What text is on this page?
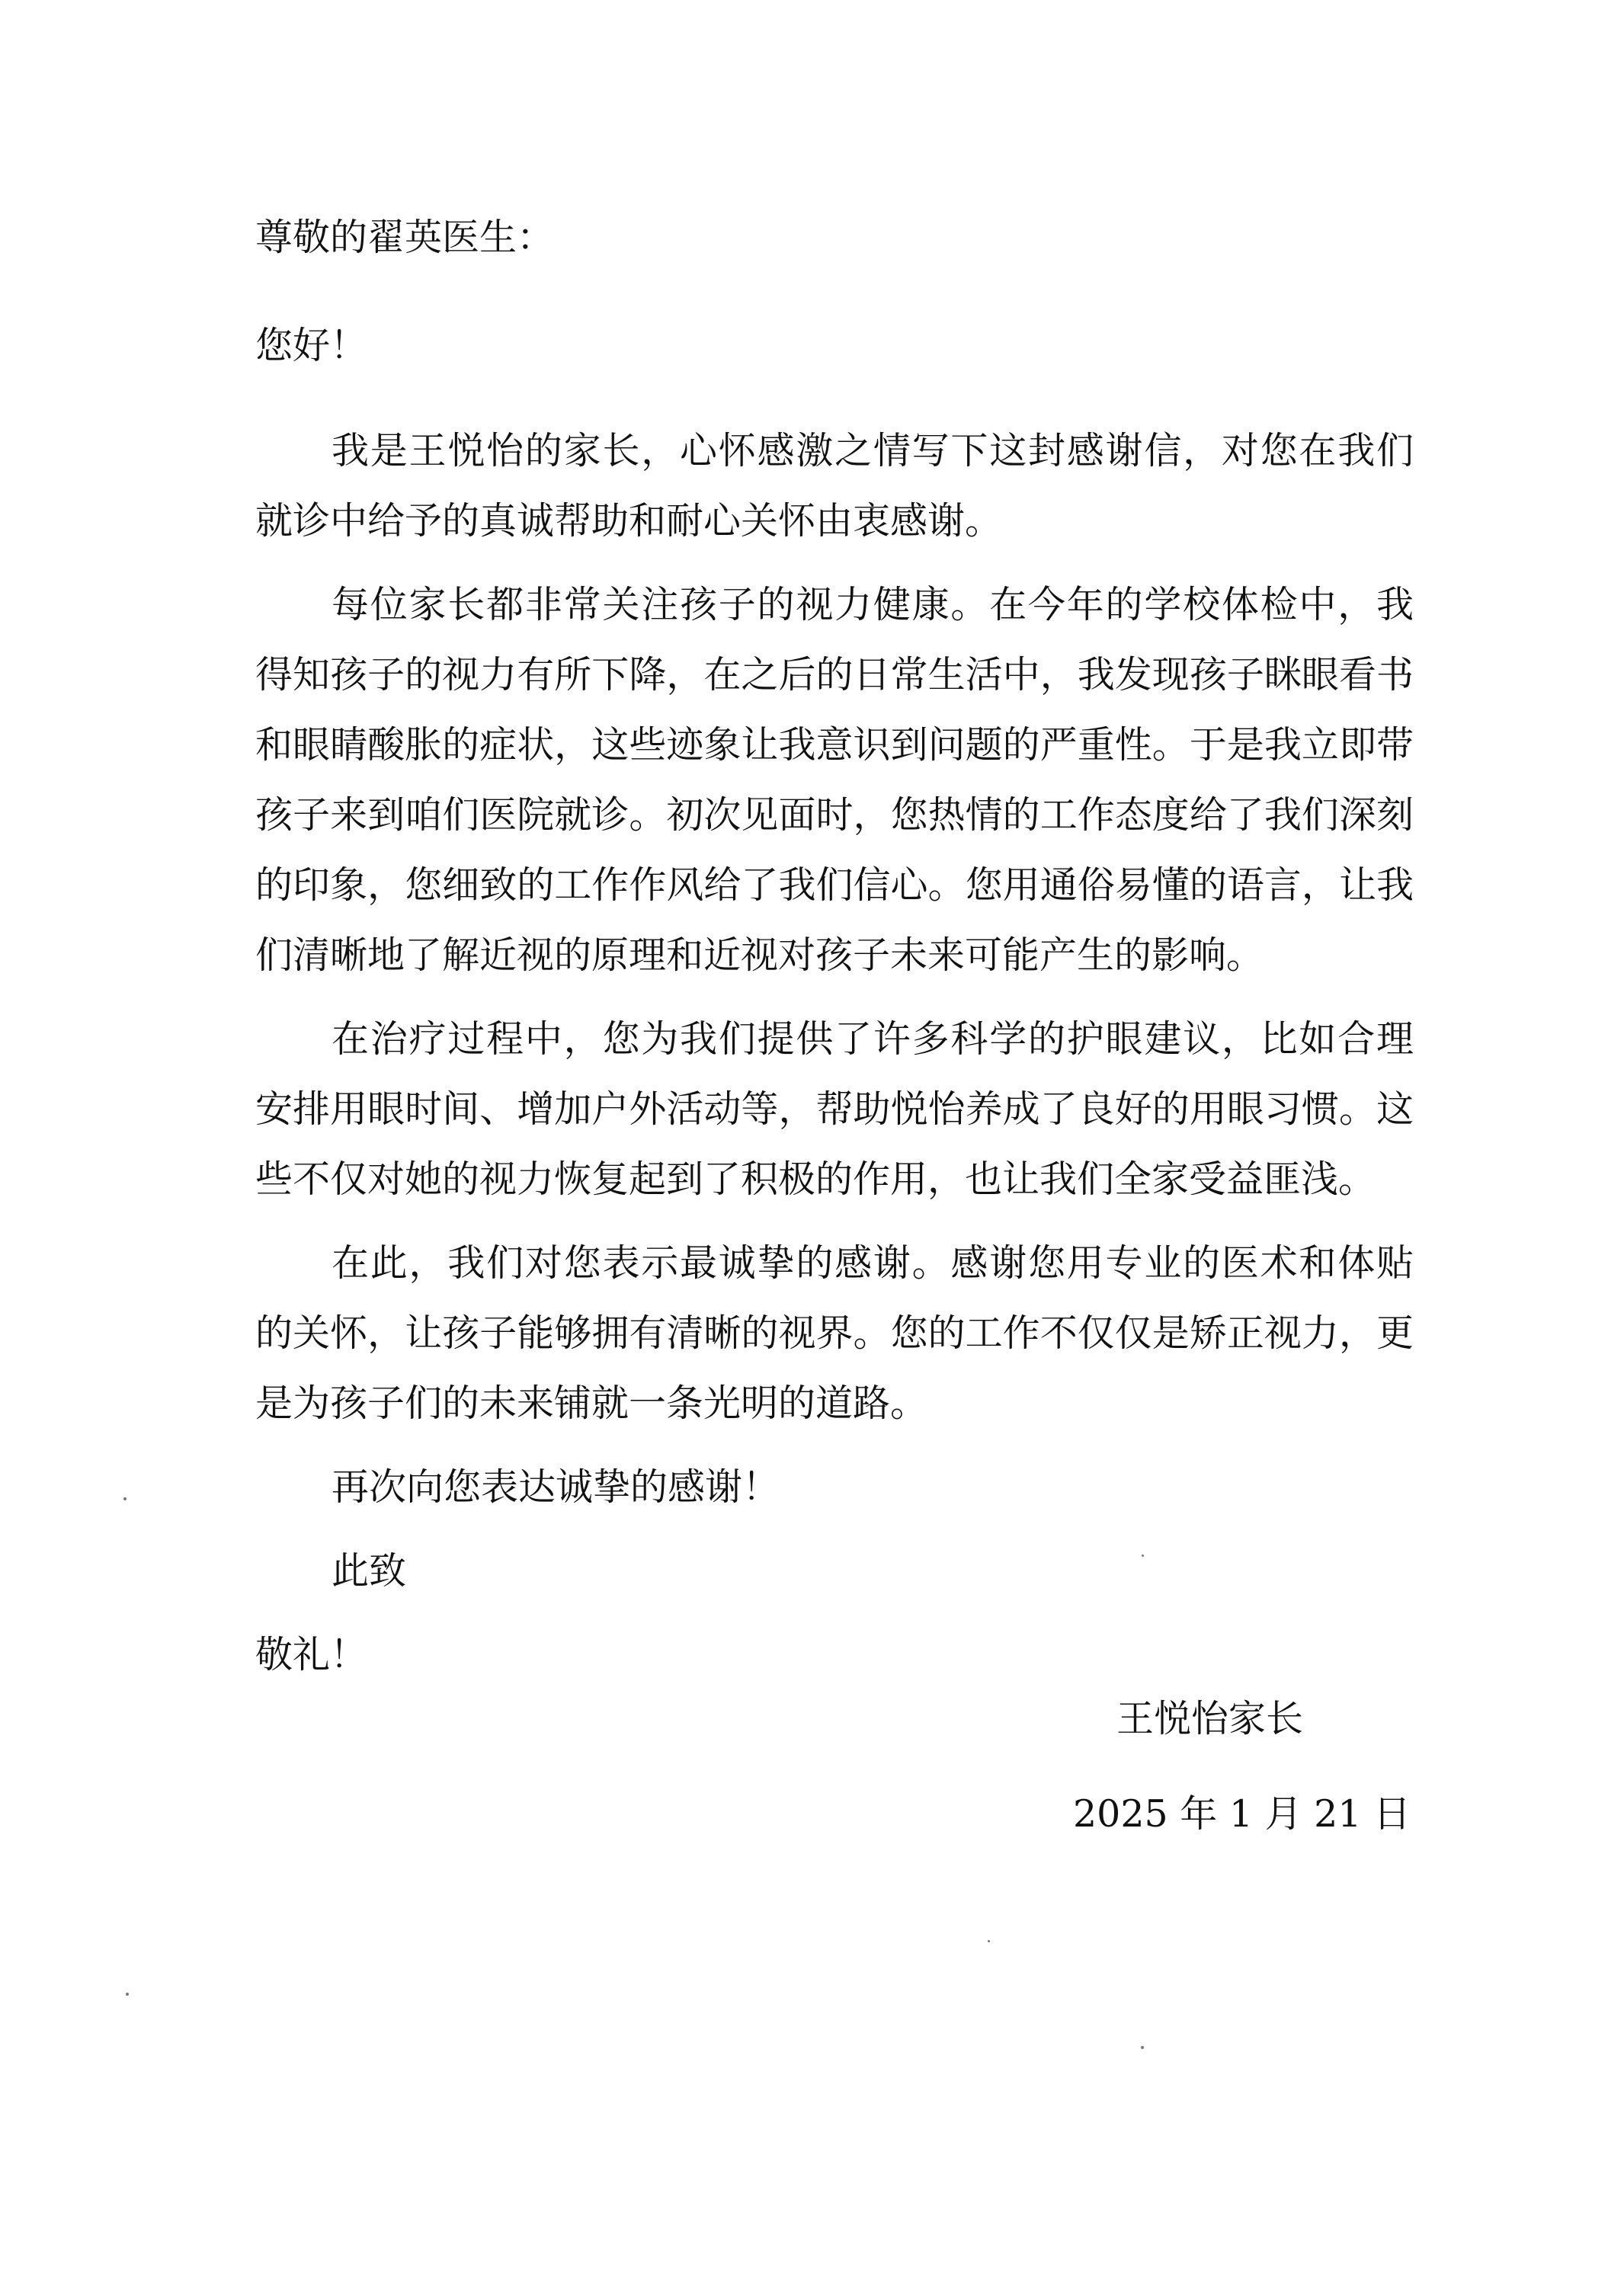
尊敬的翟英医生：

您好！

我是王悦怡的家长，心怀感激之情写下这封感谢信，对您在我们就诊中给予的真诚帮助和耐心关怀由衷感谢。

每位家长都非常关注孩子的视力健康。在今年的学校体检中，我得知孩子的视力有所下降，在之后的日常生活中，我发现孩子眯眼看书和眼睛酸胀的症状，这些迹象让我意识到问题的严重性。于是我立即带孩子来到咱们医院就诊。初次见面时，您热情的工作态度给了我们深刻的印象，您细致的工作作风给了我们信心。您用通俗易懂的语言，让我们清晰地了解近视的原理和近视对孩子未来可能产生的影响。

在治疗过程中，您为我们提供了许多科学的护眼建议，比如合理安排用眼时间、增加户外活动等，帮助悦怡养成了良好的用眼习惯。这些不仅对她的视力恢复起到了积极的作用，也让我们全家受益匪浅。

在此，我们对您表示最诚挚的感谢。感谢您用专业的医术和体贴的关怀，让孩子能够拥有清晰的视界。您的工作不仅仅是矫正视力，更是为孩子们的未来铺就一条光明的道路。

再次向您表达诚挚的感谢！

此致

敬礼！

王悦怡家长

2025 年 1 月 21 日
